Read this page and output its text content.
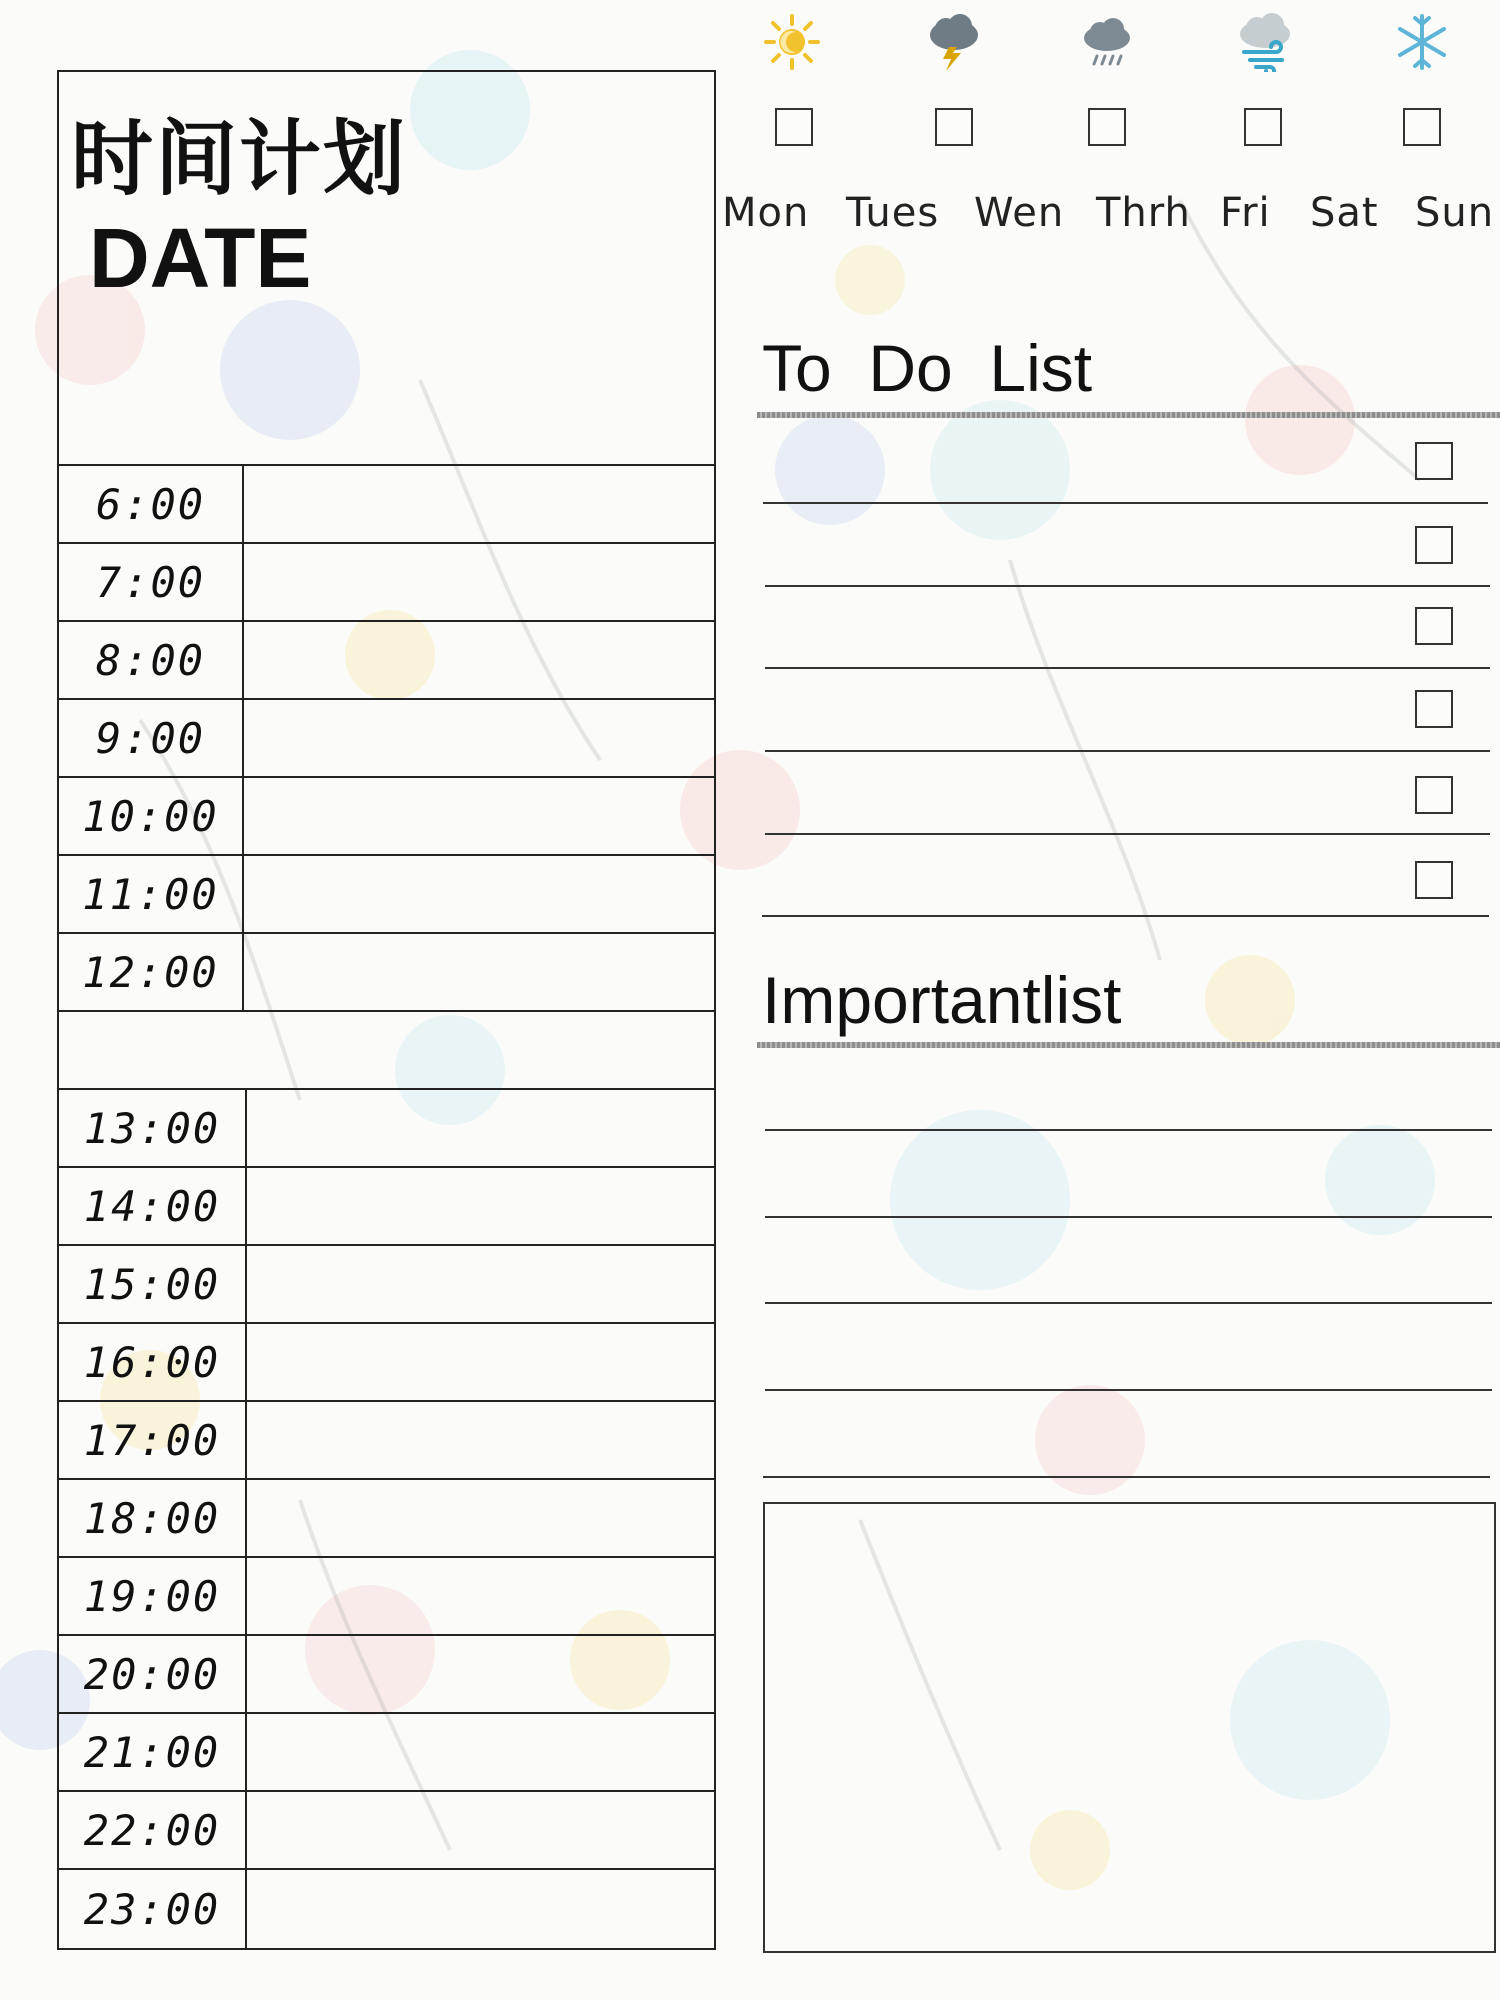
时间计划
DATE
6:00
7:00
8:00
9:00
10:00
11:00
12:00
13:00
14:00
15:00
16:00
17:00
18:00
19:00
20:00
21:00
22:00
23:00
Mon Tues Wen Thrh Fri Sat Sun
To  Do  List
Importantlist
